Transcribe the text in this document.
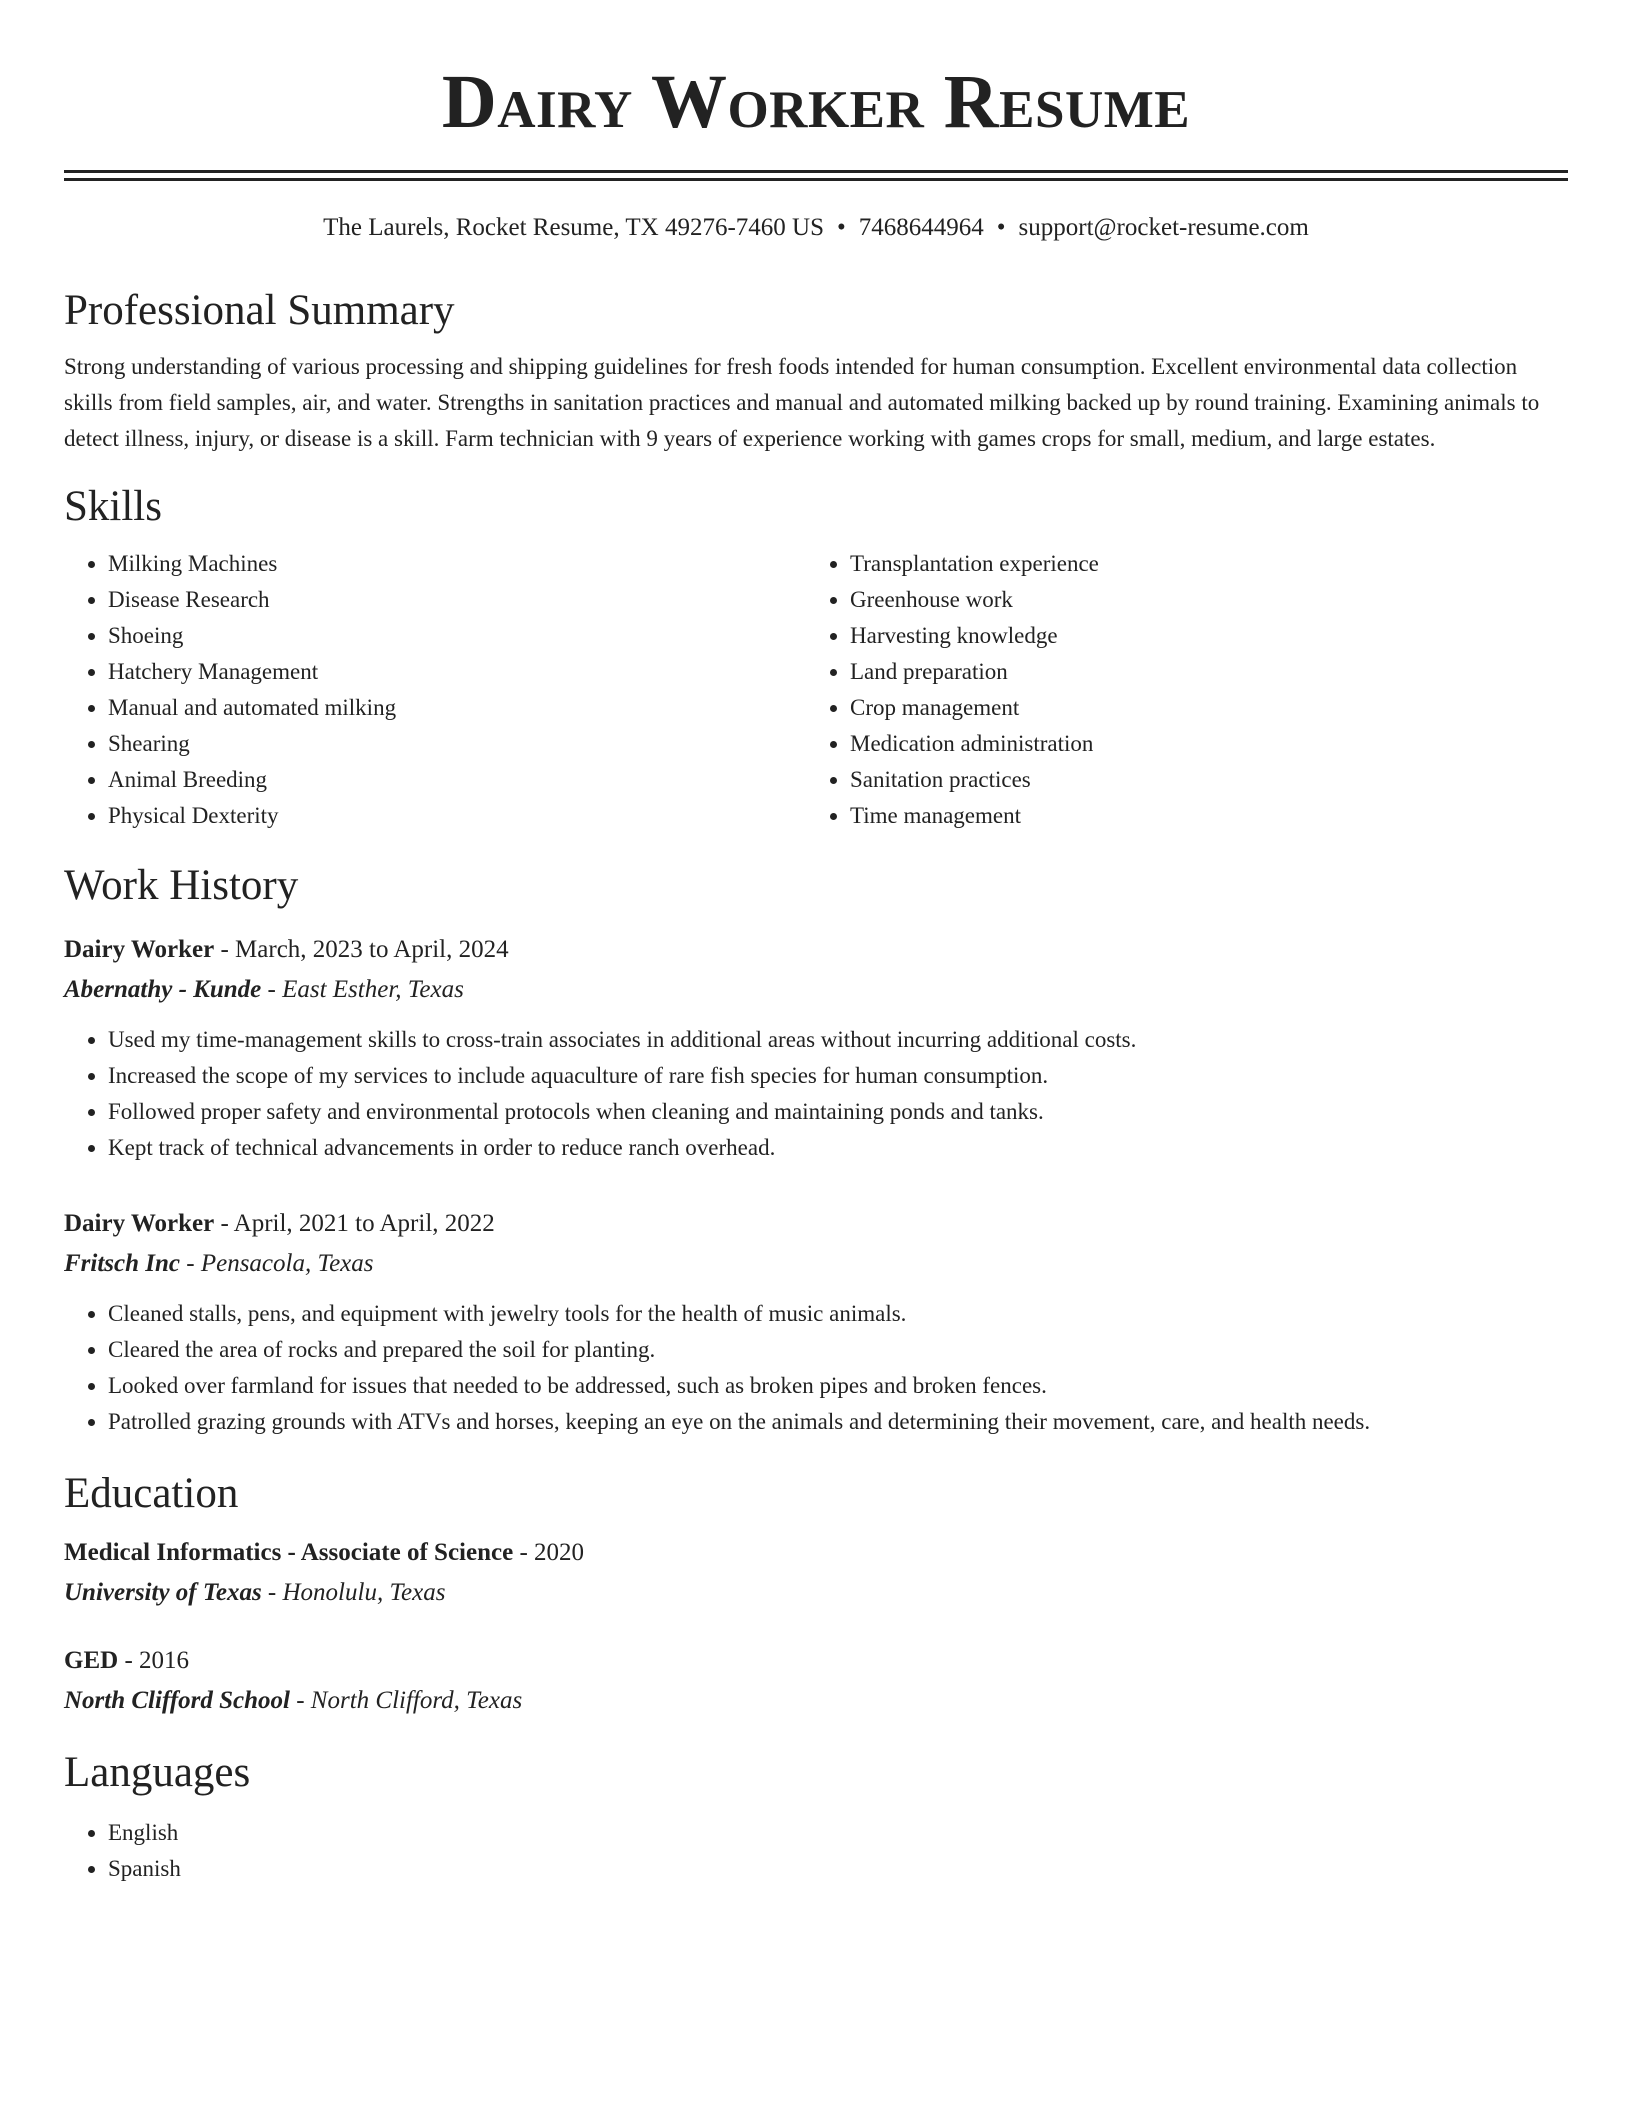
Dairy Worker Resume
The Laurels, Rocket Resume, TX 49276-7460 US • 7468644964 • support@rocket-resume.com
Professional Summary

Strong understanding of various processing and shipping guidelines for fresh foods intended for human consumption. Excellent environmental data collection skills from field samples, air, and water. Strengths in sanitation practices and manual and automated milking backed up by round training. Examining animals to detect illness, injury, or disease is a skill. Farm technician with 9 years of experience working with games crops for small, medium, and large estates.

Skills
• Milking Machines
• Disease Research
• Shoeing
• Hatchery Management
• Manual and automated milking
• Shearing
• Animal Breeding
• Physical Dexterity
• Transplantation experience
• Greenhouse work
• Harvesting knowledge
• Land preparation
• Crop management
• Medication administration
• Sanitation practices
• Time management
Work History
Dairy Worker - March, 2023 to April, 2024
Abernathy - Kunde - East Esther, Texas
• Used my time-management skills to cross-train associates in additional areas without incurring additional costs.
• Increased the scope of my services to include aquaculture of rare fish species for human consumption.
• Followed proper safety and environmental protocols when cleaning and maintaining ponds and tanks.
• Kept track of technical advancements in order to reduce ranch overhead.
Dairy Worker - April, 2021 to April, 2022
Fritsch Inc - Pensacola, Texas
• Cleaned stalls, pens, and equipment with jewelry tools for the health of music animals.
• Cleared the area of rocks and prepared the soil for planting.
• Looked over farmland for issues that needed to be addressed, such as broken pipes and broken fences.
• Patrolled grazing grounds with ATVs and horses, keeping an eye on the animals and determining their movement, care, and health needs.
Education
Medical Informatics - Associate of Science - 2020
University of Texas - Honolulu, Texas
GED - 2016
North Clifford School - North Clifford, Texas
Languages
• English
• Spanish
